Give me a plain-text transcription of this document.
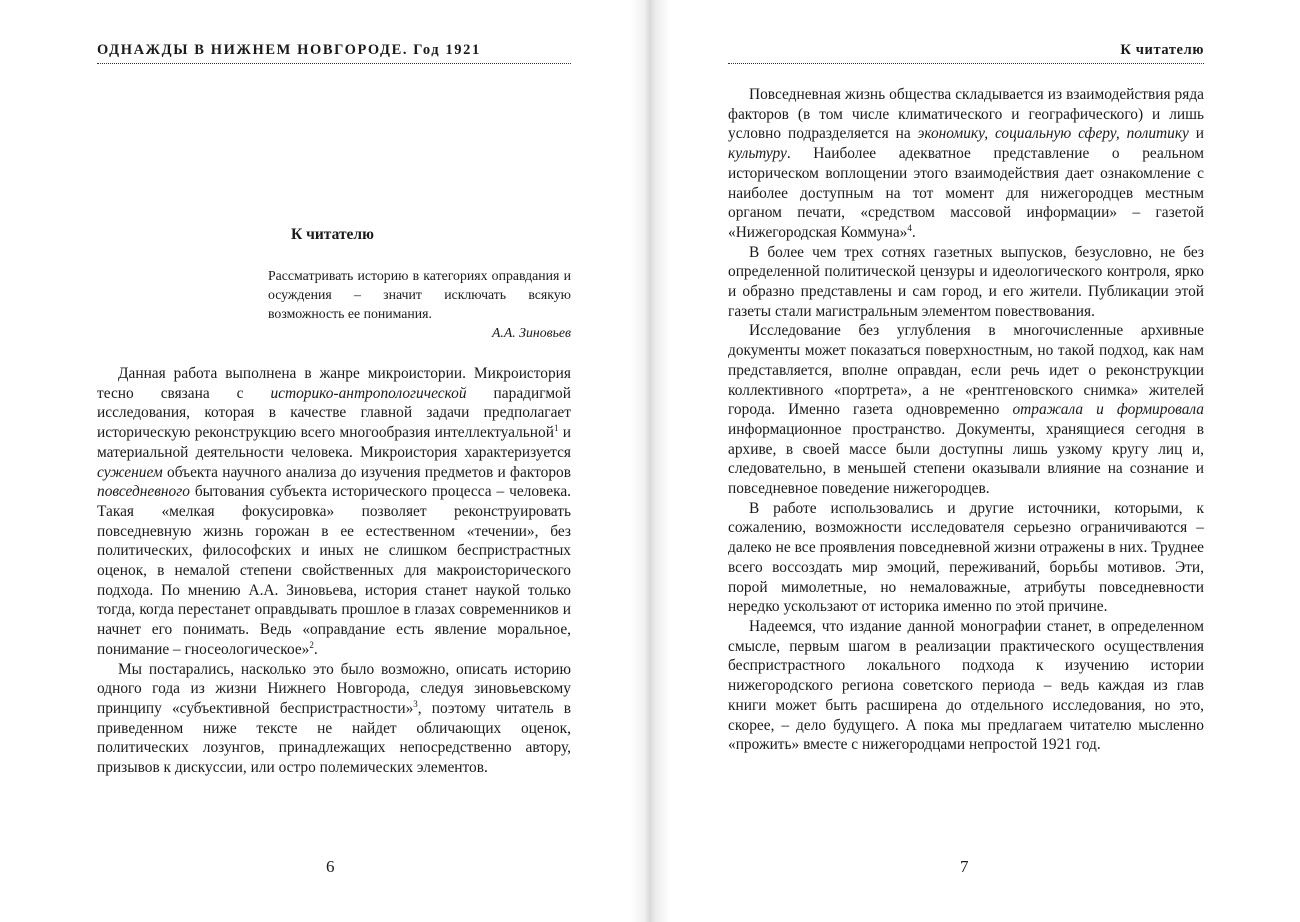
ОДНАЖДЫ В НИЖНЕМ НОВГОРОДЕ. Год 1921
К читателю
Рассматривать историю в категориях оправдания и осуждения – значит исключать всякую возможность ее понимания.
А.А. Зиновьев

Данная работа выполнена в жанре микроистории. Микроистория тесно связана с историко-антропологической парадигмой исследования, которая в качестве главной задачи предполагает историческую реконструкцию всего многообразия интеллектуальной$^1$ и материальной деятельности человека. Микроистория характеризуется сужением объекта научного анализа до изучения предметов и факторов повседневного бытования субъекта исторического процесса – человека. Такая «мелкая фокусировка» позволяет реконструировать повседневную жизнь горожан в ее естественном «течении», без политических, философских и иных не слишком беспристрастных оценок, в немалой степени свойственных для макроисторического подхода. По мнению А.А. Зиновьева, история станет наукой только тогда, когда перестанет оправдывать прошлое в глазах современников и начнет его понимать. Ведь «оправдание есть явление моральное, понимание – гносеологическое»$^2$.

Мы постарались, насколько это было возможно, описать историю одного года из жизни Нижнего Новгорода, следуя зиновьевскому принципу «субъективной беспристрастности»$^3$, поэтому читатель в приведенном ниже тексте не найдет обличающих оценок, политических лозунгов, принадлежащих непосредственно автору, призывов к дискуссии, или остро полемических элементов.

6
К читателю

Повседневная жизнь общества складывается из взаимодействия ряда факторов (в том числе климатического и географического) и лишь условно подразделяется на экономику, социальную сферу, политику и культуру. Наиболее адекватное представление о реальном историческом воплощении этого взаимодействия дает ознакомление с наиболее доступным на тот момент для нижегородцев местным органом печати, «средством массовой информации» – газетой «Нижегородская Коммуна»$^4$.

В более чем трех сотнях газетных выпусков, безусловно, не без определенной политической цензуры и идеологического контроля, ярко и образно представлены и сам город, и его жители. Публикации этой газеты стали магистральным элементом повествования.

Исследование без углубления в многочисленные архивные документы может показаться поверхностным, но такой подход, как нам представляется, вполне оправдан, если речь идет о реконструкции коллективного «портрета», а не «рентгеновского снимка» жителей города. Именно газета одновременно отражала и формировала информационное пространство. Документы, хранящиеся сегодня в архиве, в своей массе были доступны лишь узкому кругу лиц и, следовательно, в меньшей степени оказывали влияние на сознание и повседневное поведение нижегородцев.

В работе использовались и другие источники, которыми, к сожалению, возможности исследователя серьезно ограничиваются – далеко не все проявления повседневной жизни отражены в них. Труднее всего воссоздать мир эмоций, переживаний, борьбы мотивов. Эти, порой мимолетные, но немаловажные, атрибуты повседневности нередко ускользают от историка именно по этой причине.

Надеемся, что издание данной монографии станет, в определенном смысле, первым шагом в реализации практического осуществления беспристрастного локального подхода к изучению истории нижегородского региона советского периода – ведь каждая из глав книги может быть расширена до отдельного исследования, но это, скорее, – дело будущего. А пока мы предлагаем читателю мысленно «прожить» вместе с нижегородцами непростой 1921 год.

7
